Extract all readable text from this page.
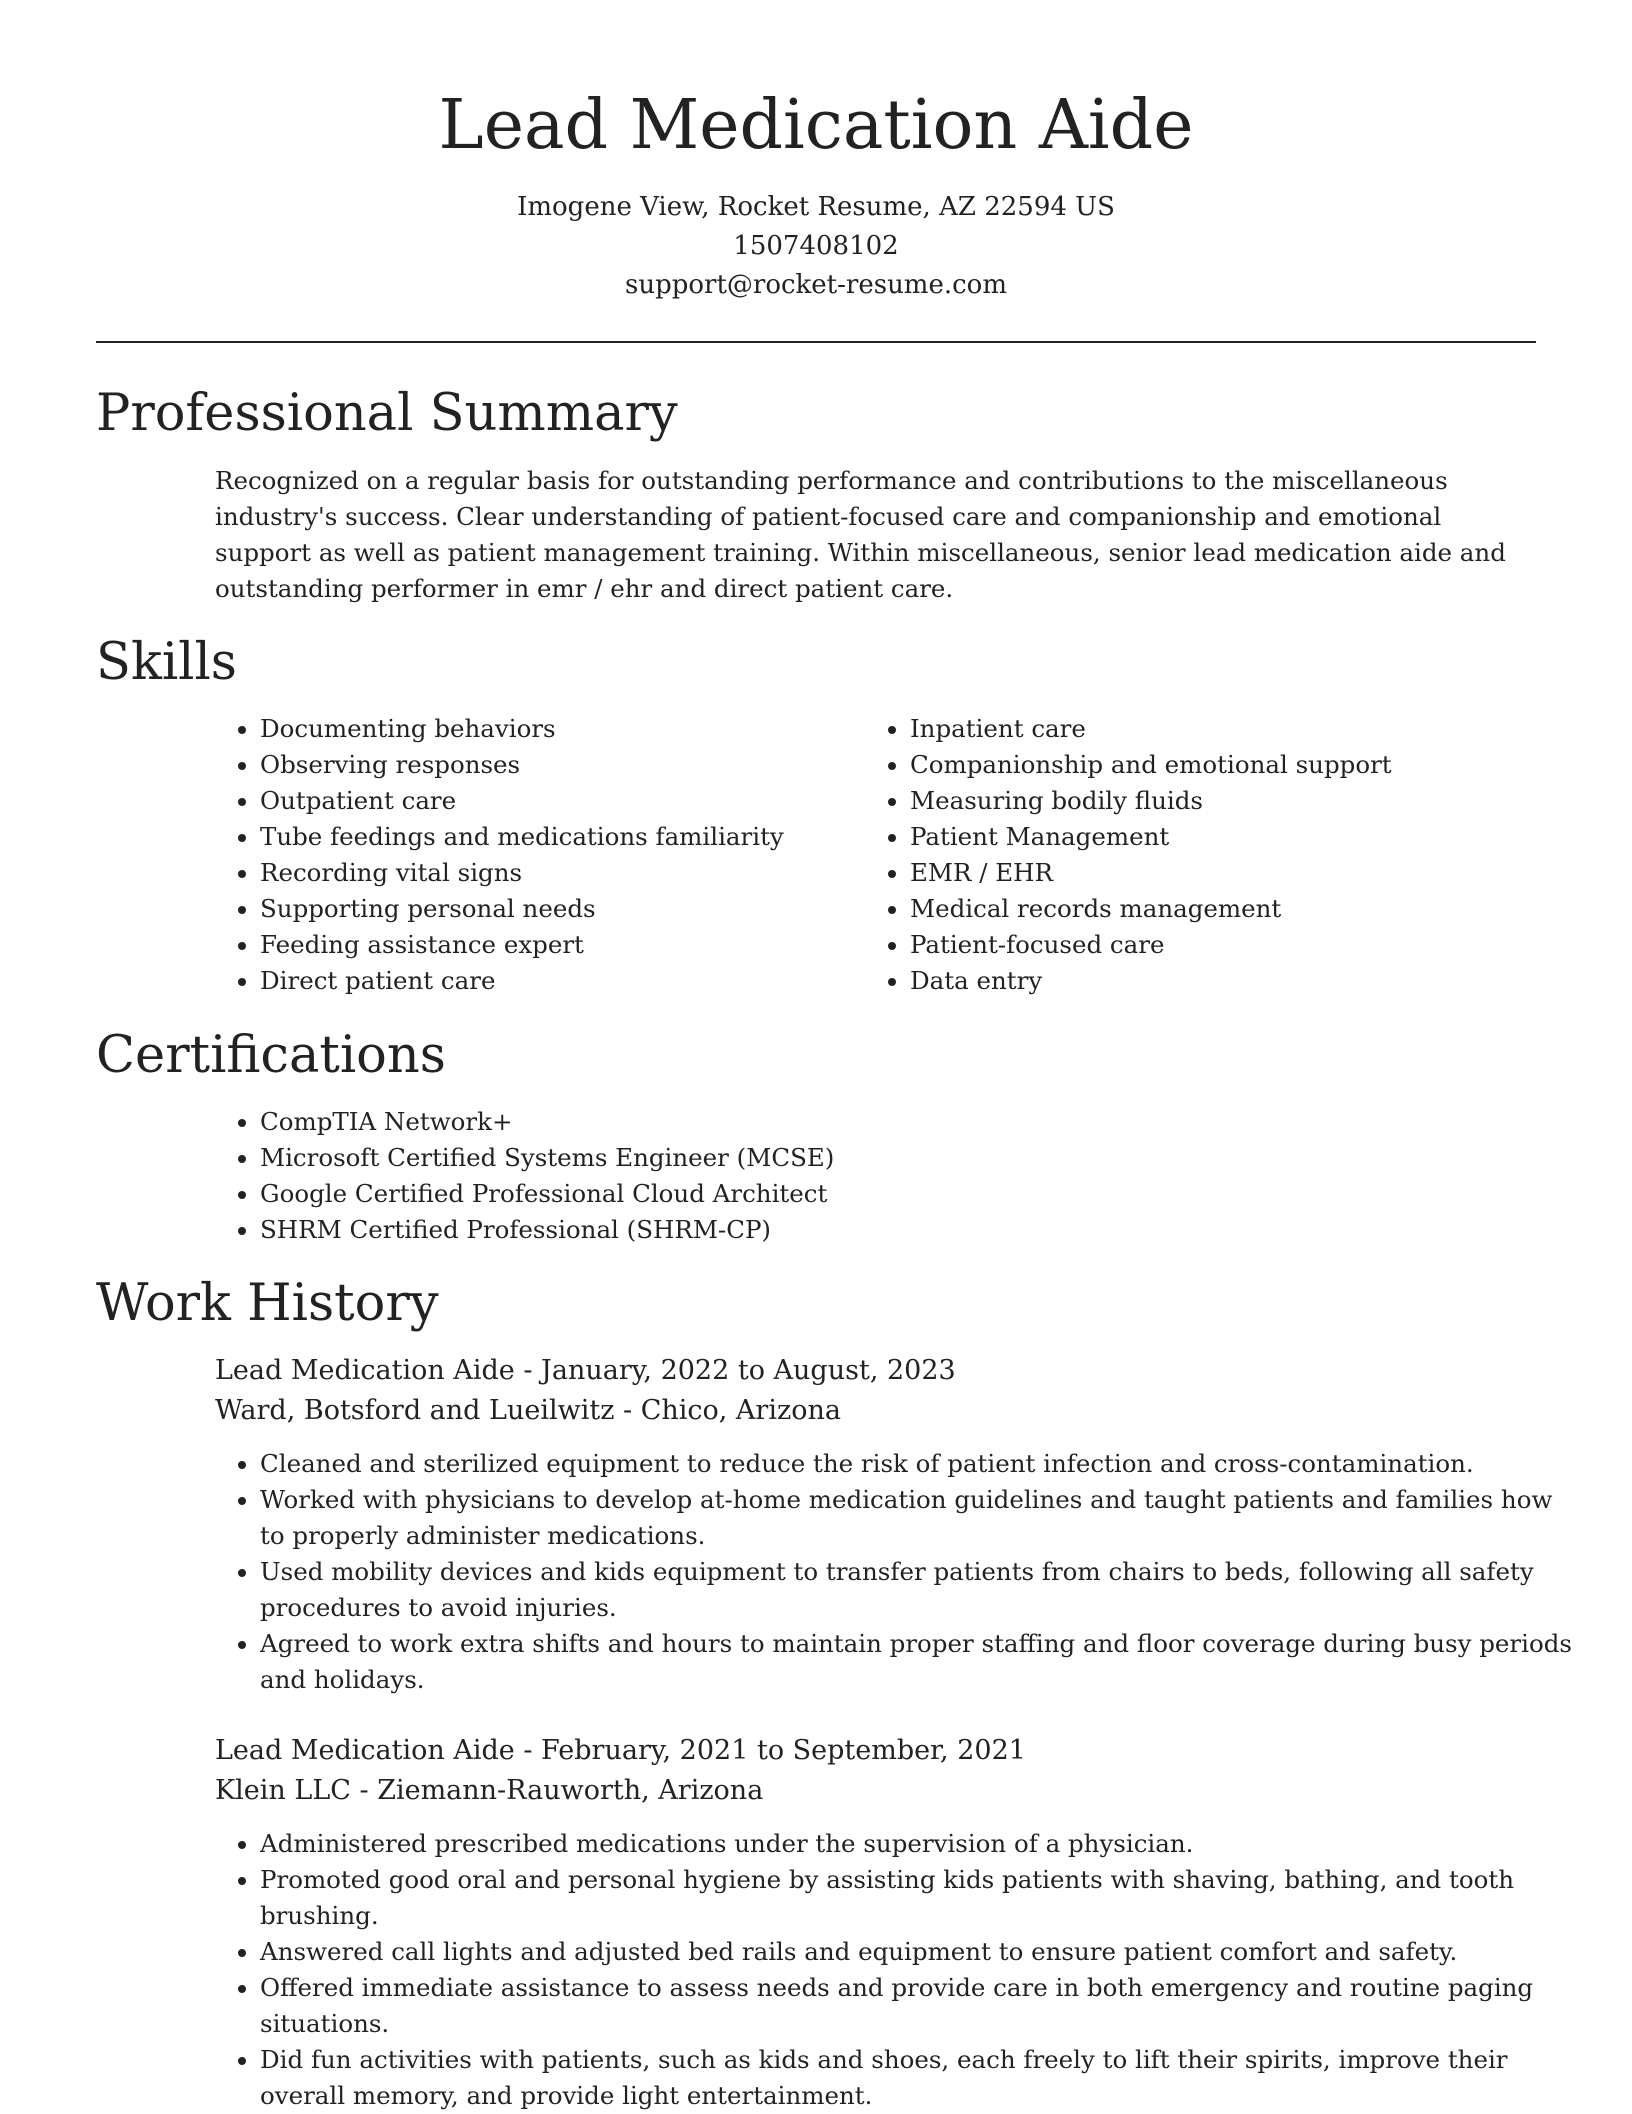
Lead Medication Aide
Imogene View, Rocket Resume, AZ 22594 US
1507408102
support@rocket-resume.com
Professional Summary

Recognized on a regular basis for outstanding performance and contributions to the miscellaneous industry's success. Clear understanding of patient-focused care and companionship and emotional support as well as patient management training. Within miscellaneous, senior lead medication aide and outstanding performer in emr / ehr and direct patient care.

Skills
• Documenting behaviors
• Observing responses
• Outpatient care
• Tube feedings and medications familiarity
• Recording vital signs
• Supporting personal needs
• Feeding assistance expert
• Direct patient care
• Inpatient care
• Companionship and emotional support
• Measuring bodily fluids
• Patient Management
• EMR / EHR
• Medical records management
• Patient-focused care
• Data entry
Certifications
• CompTIA Network+
• Microsoft Certified Systems Engineer (MCSE)
• Google Certified Professional Cloud Architect
• SHRM Certified Professional (SHRM-CP)
Work History
Lead Medication Aide - January, 2022 to August, 2023
Ward, Botsford and Lueilwitz - Chico, Arizona
• Cleaned and sterilized equipment to reduce the risk of patient infection and cross-contamination.
• Worked with physicians to develop at-home medication guidelines and taught patients and families how to properly administer medications.
• Used mobility devices and kids equipment to transfer patients from chairs to beds, following all safety procedures to avoid injuries.
• Agreed to work extra shifts and hours to maintain proper staffing and floor coverage during busy periods and holidays.
Lead Medication Aide - February, 2021 to September, 2021
Klein LLC - Ziemann-Rauworth, Arizona
• Administered prescribed medications under the supervision of a physician.
• Promoted good oral and personal hygiene by assisting kids patients with shaving, bathing, and tooth brushing.
• Answered call lights and adjusted bed rails and equipment to ensure patient comfort and safety.
• Offered immediate assistance to assess needs and provide care in both emergency and routine paging situations.
• Did fun activities with patients, such as kids and shoes, each freely to lift their spirits, improve their overall memory, and provide light entertainment.
